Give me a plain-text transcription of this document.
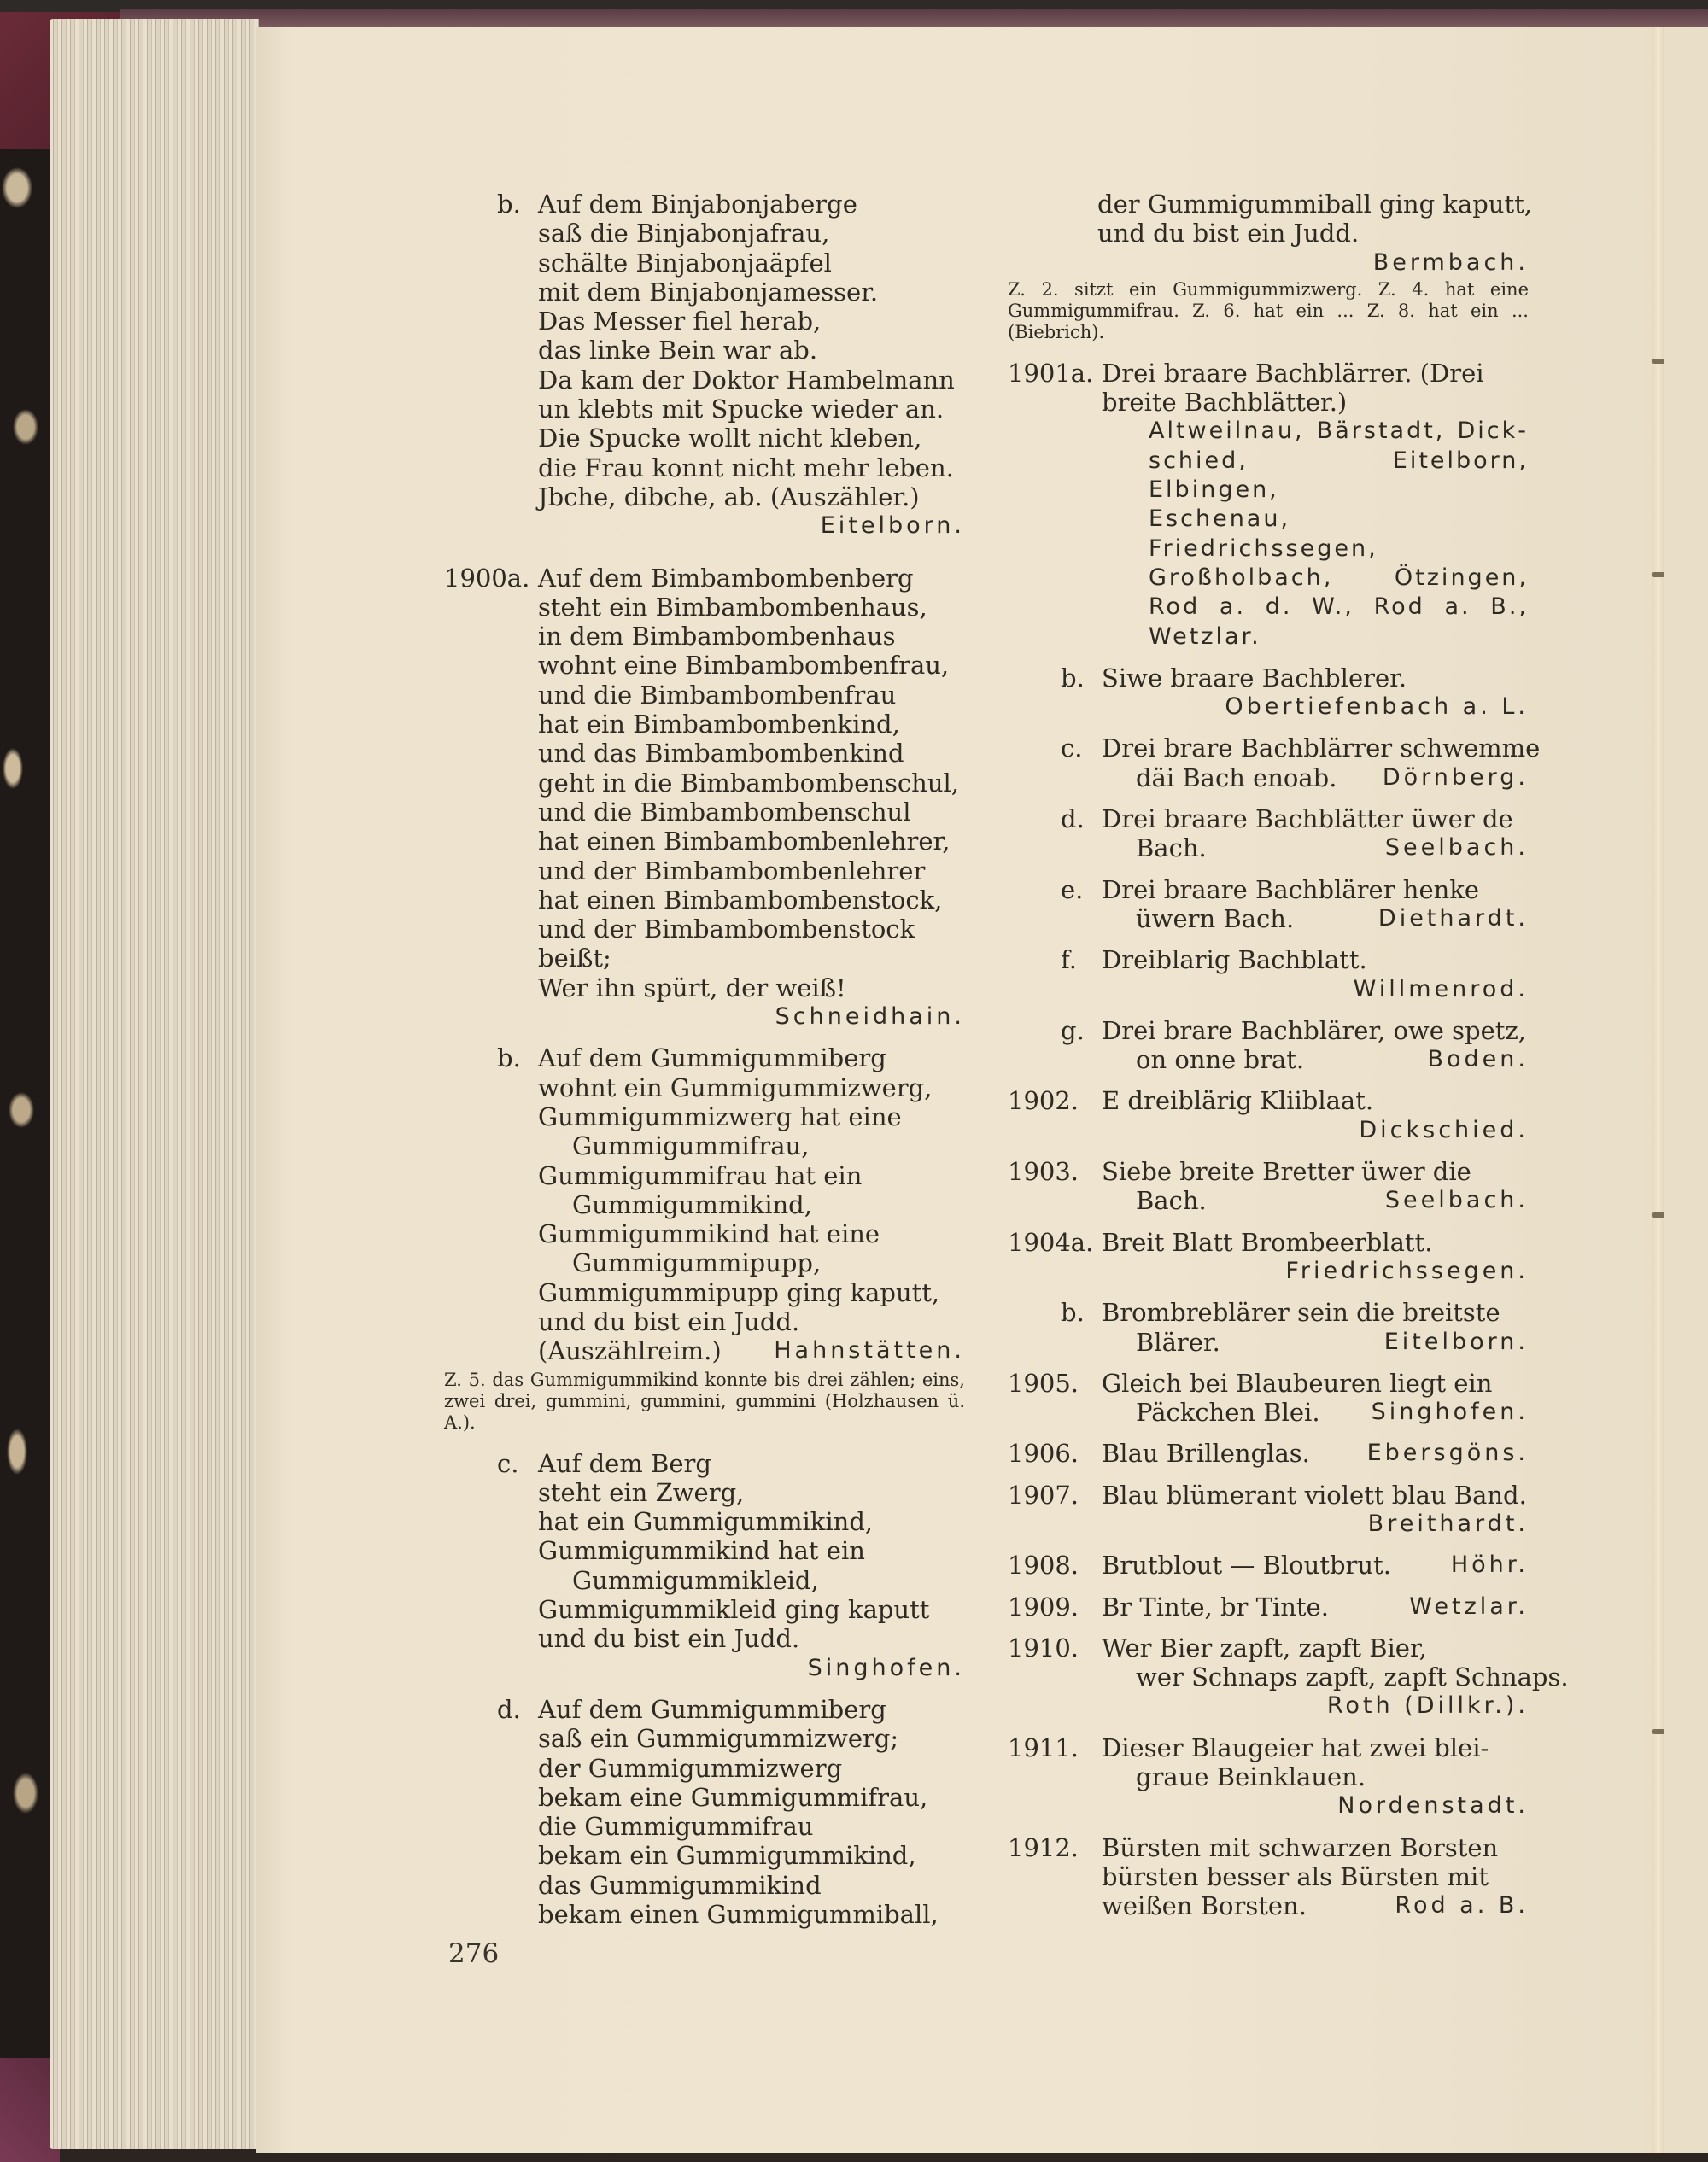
b. Auf dem Binjabonjaberge
saß die Binjabonjafrau,
schälte Binjabonjaäpfel
mit dem Binjabonjamesser.
Das Messer fiel herab,
das linke Bein war ab.
Da kam der Doktor Hambelmann
un klebts mit Spucke wieder an.
Die Spucke wollt nicht kleben,
die Frau konnt nicht mehr leben.
Jbche, dibche, ab. (Auszähler.)
Eitelborn.
1900a. Auf dem Bimbambombenberg
steht ein Bimbambombenhaus,
in dem Bimbambombenhaus
wohnt eine Bimbambombenfrau,
und die Bimbambombenfrau
hat ein Bimbambombenkind,
und das Bimbambombenkind
geht in die Bimbambombenschul,
und die Bimbambombenschul
hat einen Bimbambombenlehrer,
und der Bimbambombenlehrer
hat einen Bimbambombenstock,
und der Bimbambombenstock
beißt;
Wer ihn spürt, der weiß!
Schneidhain.
b. Auf dem Gummigummiberg
wohnt ein Gummigummizwerg,
Gummigummizwerg hat eine
Gummigummifrau,
Gummigummifrau hat ein
Gummigummikind,
Gummigummikind hat eine
Gummigummipupp,
Gummigummipupp ging kaputt,
und du bist ein Judd.
(Auszählreim.) Hahnstätten.
Z. 5. das Gummigummikind konnte bis drei zählen; eins, zwei drei, gummini, gummini, gummini (Holzhausen ü. A.).
c. Auf dem Berg
steht ein Zwerg,
hat ein Gummigummikind,
Gummigummikind hat ein
Gummigummikleid,
Gummigummikleid ging kaputt
und du bist ein Judd.
Singhofen.
d. Auf dem Gummigummiberg
saß ein Gummigummizwerg;
der Gummigummizwerg
bekam eine Gummigummifrau,
die Gummigummifrau
bekam ein Gummigummikind,
das Gummigummikind
bekam einen Gummigummiball,
der Gummigummiball ging kaputt,
und du bist ein Judd.
Bermbach.
Z. 2. sitzt ein Gummigummizwerg. Z. 4. hat eine Gummigummifrau. Z. 6. hat ein ... Z. 8. hat ein ... (Biebrich).
1901a. Drei braare Bachblärrer. (Drei
breite Bachblätter.)
Altweilnau, Bärstadt, Dick-
schied, Eitelborn, Elbingen,
Eschenau, Friedrichssegen,
Großholbach, Ötzingen,
Rod a. d. W., Rod a. B.,
Wetzlar.
b. Siwe braare Bachblerer.
Obertiefenbach a. L.
c. Drei brare Bachblärrer schwemme
däi Bach enoab. Dörnberg.
d. Drei braare Bachblätter üwer de
Bach.	Seelbach.
e. Drei braare Bachblärer henke
üwern Bach.	Diethardt.
f.	Dreiblarig Bachblatt.
Willmenrod.
g. Drei brare Bachblärer, owe spetz,
on onne brat.	Boden.
1902. E dreiblärig Kliiblaat.
Dickschied.
1903. Siebe breite Bretter üwer die
Bach.	Seelbach.
1904a. Breit Blatt Brombeerblatt.
Friedrichssegen.
b. Brombreblärer sein die breitste
Blärer.	Eitelborn.
1905. Gleich bei Blaubeuren liegt ein
Päckchen Blei. Singhofen.
1906. Blau Brillenglas. Ebersgöns.
1907. Blau blümerant violett blau Band.
Breithardt.
1908. Brutblout — Bloutbrut.	Höhr.
1909. Br Tinte, br Tinte.	Wetzlar.
1910. Wer Bier zapft, zapft Bier,
wer Schnaps zapft, zapft Schnaps.
Roth (Dillkr.).
1911. Dieser Blaugeier hat zwei blei-
graue Beinklauen.
Nordenstadt.
1912. Bürsten mit schwarzen Borsten
bürsten besser als Bürsten mit
weißen Borsten.	Rod a. B.
276
